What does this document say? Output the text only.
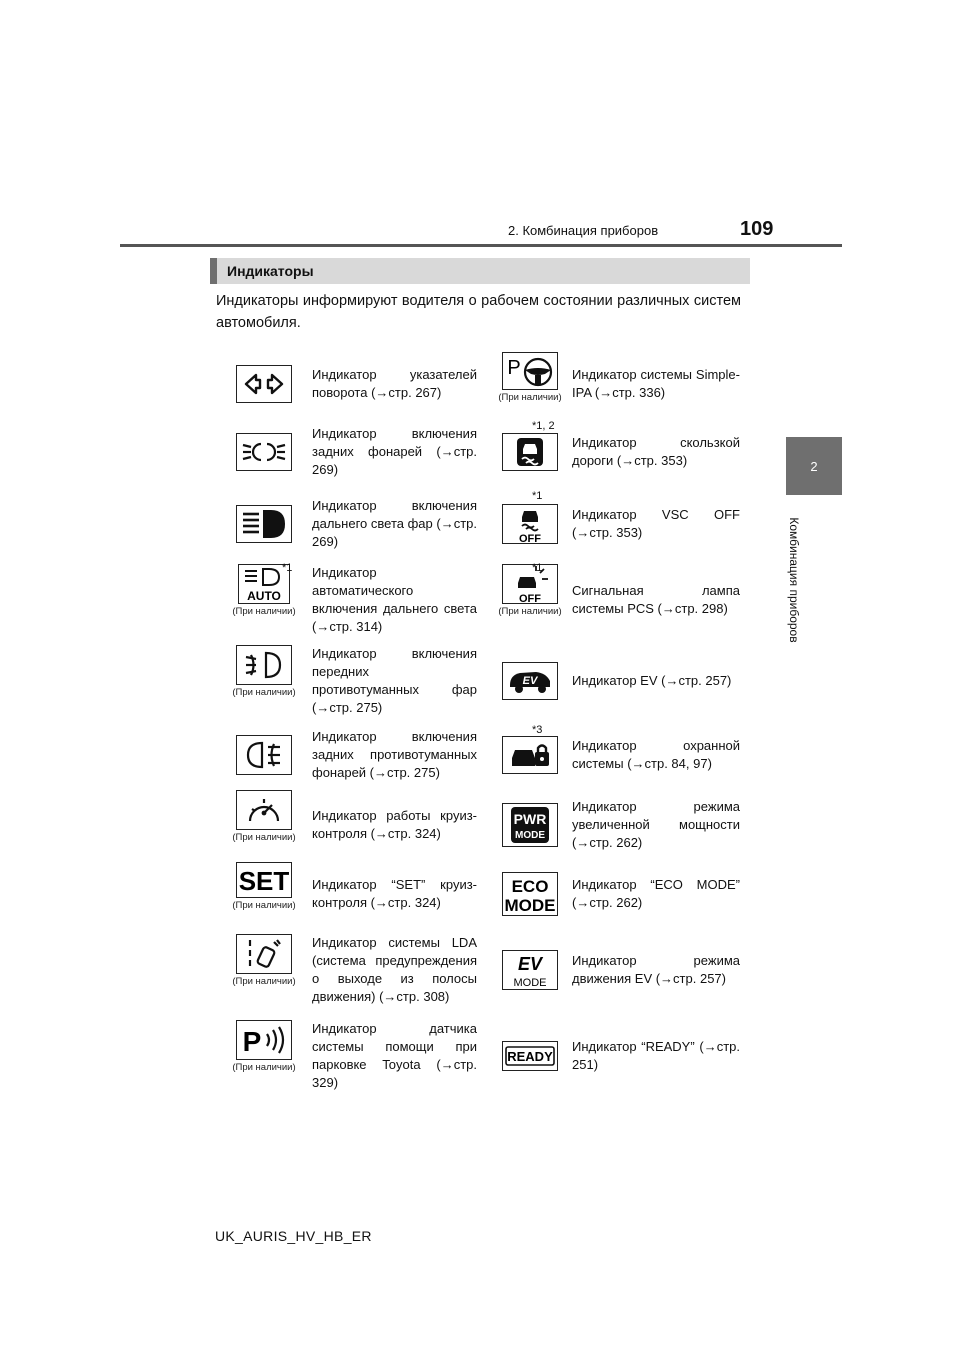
2. Комбинация приборов	109
2
Комбинация приборов
Индикаторы
Индикаторы информируют водителя о рабочем состоянии различных систем автомобиля.
Индикатор указателей поворота (→стр. 267)
Индикатор включения задних фонарей (→стр. 269)
Индикатор включения дальнего света фар (→стр. 269)
AUTO
(При наличии)
*1 Индикатор автоматического включения дальнего света (→стр. 314)
(При наличии)
Индикатор включения передних противотуманных фар (→стр. 275)
Индикатор включения задних противотуманных фонарей (→стр. 275)
(При наличии)
Индикатор работы круиз-контроля (→стр. 324)
SET
(При наличии)
Индикатор “SET” круиз-контроля (→стр. 324)
(При наличии)
Индикатор системы LDA (система предупреждения о выходе из полосы движения) (→стр. 308)
P
(При наличии)
Индикатор датчика системы помощи при парковке Toyota (→стр. 329)
P
(При наличии)
Индикатор системы Simple-IPA (→стр. 336)
*1, 2
Индикатор скользкой дороги (→стр. 353)
OFF
*1
Индикатор VSC OFF (→стр. 353)
OFF
(При наличии)
*1
Сигнальная лампа системы PCS (→стр. 298)
EV	Индикатор EV (→стр. 257)
*3
Индикатор охранной системы (→стр. 84, 97)
PWR
MODE
Индикатор режима увеличенной мощности (→стр. 262)
ECO
MODE
Индикатор “ECO MODE” (→стр. 262)
EV
MODE
Индикатор режима движения EV (→стр. 257)
READY
Индикатор “READY” (→стр. 251)
UK_AURIS_HV_HB_ER
